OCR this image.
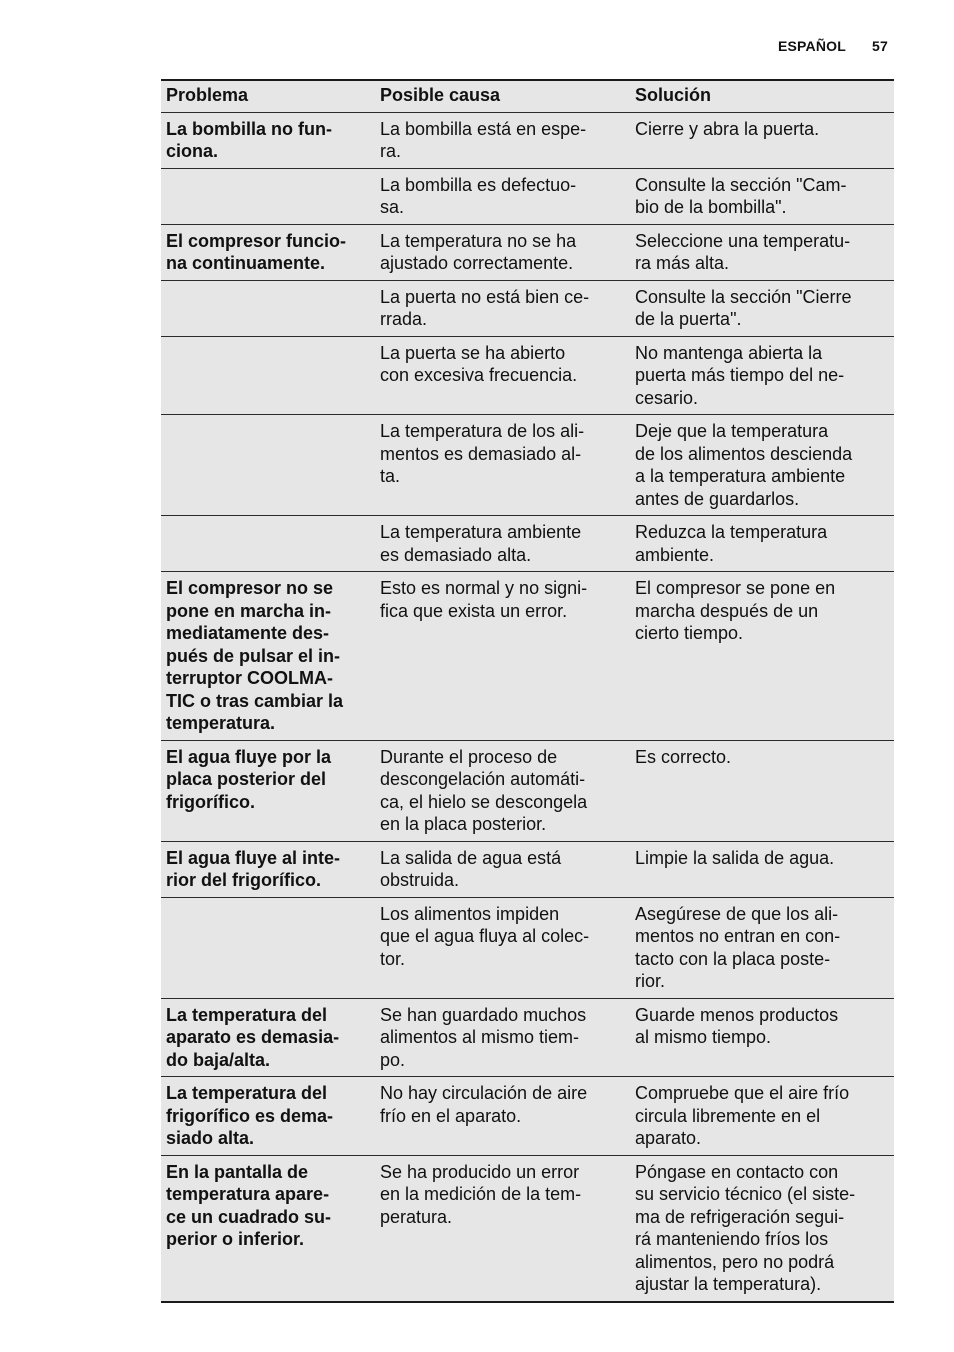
ESPAÑOL 57
Problema	Posible causa	Solución
La bombilla no fun-
ciona.
La bombilla está en espe-
ra.
Cierre y abra la puerta.
La bombilla es defectuo-
sa.
Consulte la sección "Cam-
bio de la bombilla".
El compresor funcio-
na continuamente.
La temperatura no se ha
ajustado correctamente.
Seleccione una temperatu-
ra más alta.
La puerta no está bien ce-
rrada.
Consulte la sección "Cierre
de la puerta".
La puerta se ha abierto
con excesiva frecuencia.
No mantenga abierta la
puerta más tiempo del ne-
cesario.
La temperatura de los ali-
mentos es demasiado al-
ta.
Deje que la temperatura
de los alimentos descienda
a la temperatura ambiente
antes de guardarlos.
La temperatura ambiente
es demasiado alta.
Reduzca la temperatura
ambiente.
El compresor no se
pone en marcha in-
mediatamente des-
pués de pulsar el in-
terruptor COOLMA-
TIC o tras cambiar la
temperatura.
Esto es normal y no signi-
fica que exista un error.
El compresor se pone en
marcha después de un
cierto tiempo.
El agua fluye por la
placa posterior del
frigorífico.
Durante el proceso de
descongelación automáti-
ca, el hielo se descongela
en la placa posterior.
Es correcto.
El agua fluye al inte-
rior del frigorífico.
La salida de agua está
obstruida.
Limpie la salida de agua.
Los alimentos impiden
que el agua fluya al colec-
tor.
Asegúrese de que los ali-
mentos no entran en con-
tacto con la placa poste-
rior.
La temperatura del
aparato es demasia-
do baja/alta.
Se han guardado muchos
alimentos al mismo tiem-
po.
Guarde menos productos
al mismo tiempo.
La temperatura del
frigorífico es dema-
siado alta.
No hay circulación de aire
frío en el aparato.
Compruebe que el aire frío
circula libremente en el
aparato.
En la pantalla de
temperatura apare-
ce un cuadrado su-
perior o inferior.
Se ha producido un error
en la medición de la tem-
peratura.
Póngase en contacto con
su servicio técnico (el siste-
ma de refrigeración segui-
rá manteniendo fríos los
alimentos, pero no podrá
ajustar la temperatura).
